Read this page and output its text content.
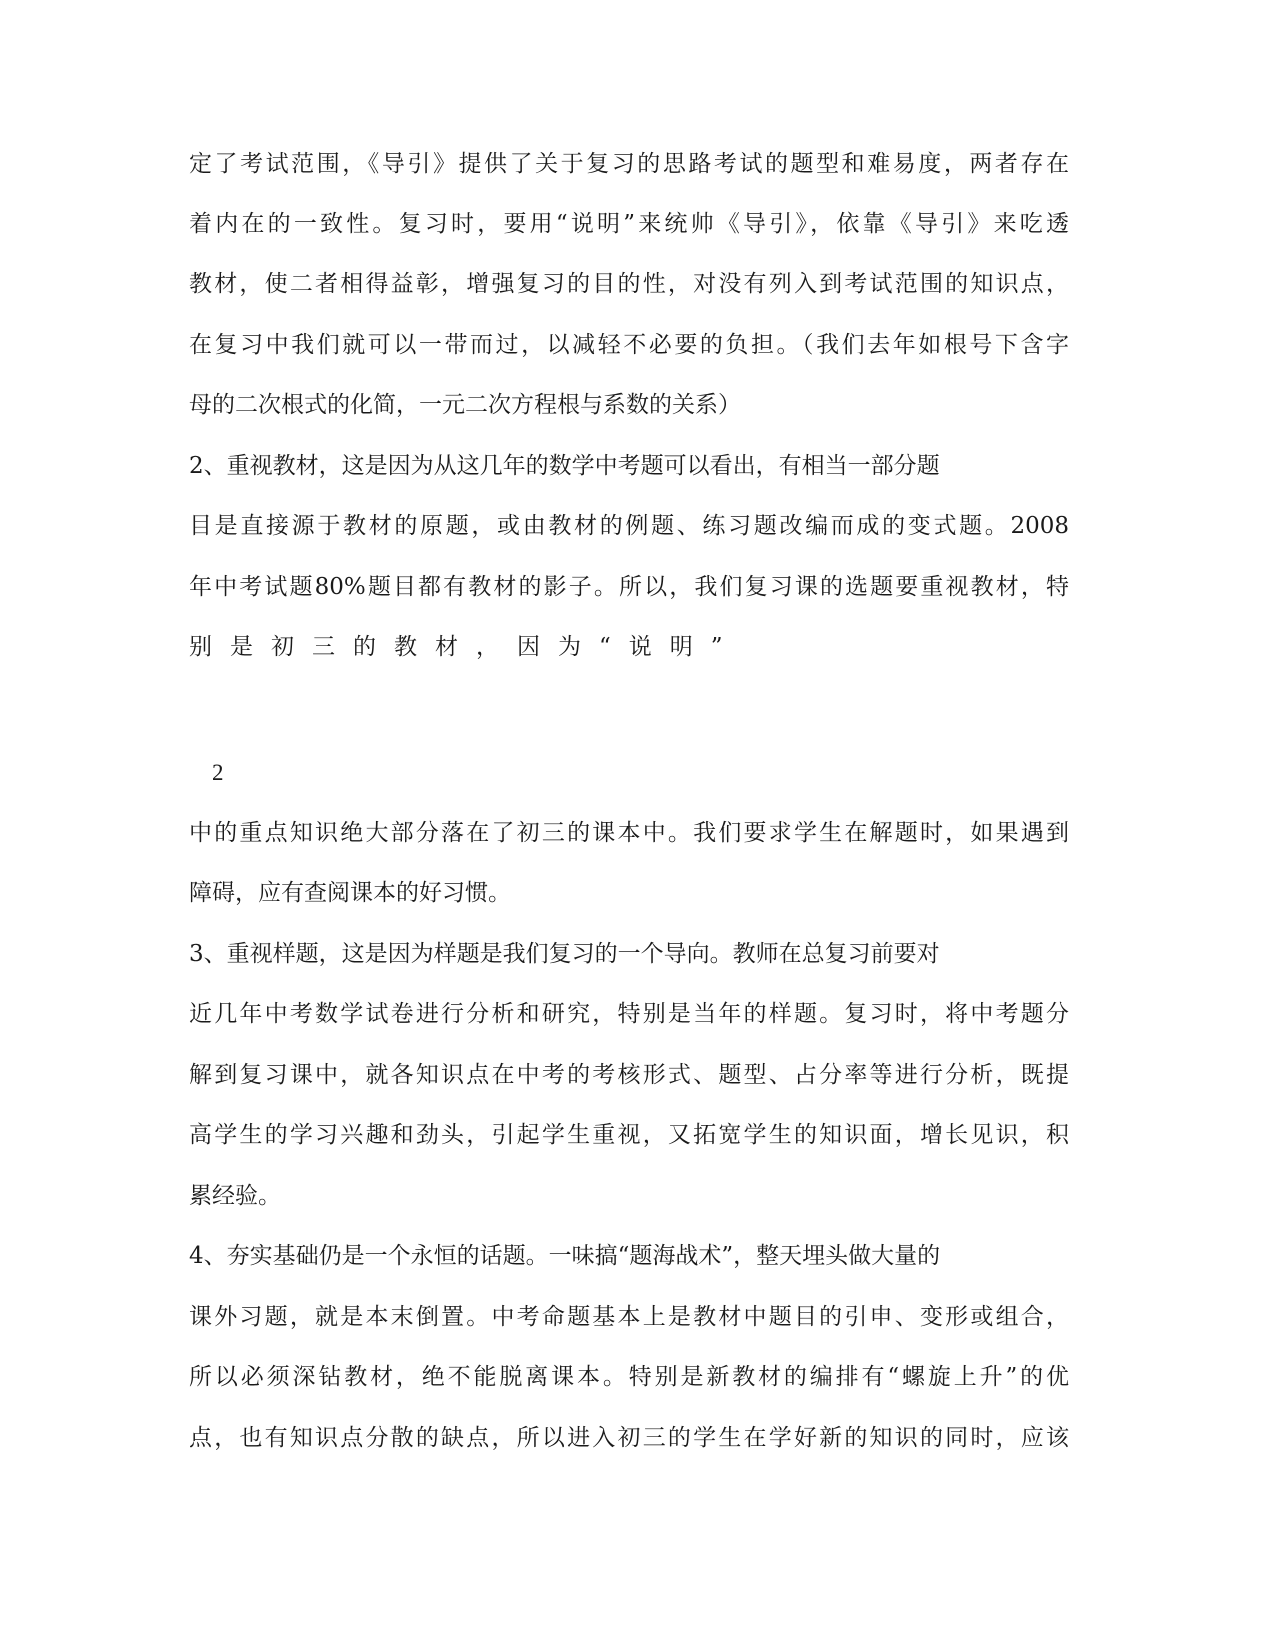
定了考试范围，《导引》提供了关于复习的思路考试的题型和难易度，两者存在
着内在的一致性。复习时，要用“说明”来统帅《导引》，依靠《导引》来吃透
教材，使二者相得益彰，增强复习的目的性，对没有列入到考试范围的知识点，
在复习中我们就可以一带而过，以减轻不必要的负担。（我们去年如根号下含字
母的二次根式的化简，一元二次方程根与系数的关系）
2、重视教材，这是因为从这几年的数学中考题可以看出，有相当一部分题
目是直接源于教材的原题，或由教材的例题、练习题改编而成的变式题。2008
年中考试题80%题目都有教材的影子。所以，我们复习课的选题要重视教材，特
别是初三的教材，因为“说明”
2
中的重点知识绝大部分落在了初三的课本中。我们要求学生在解题时，如果遇到
障碍，应有查阅课本的好习惯。
3、重视样题，这是因为样题是我们复习的一个导向。教师在总复习前要对
近几年中考数学试卷进行分析和研究，特别是当年的样题。复习时，将中考题分
解到复习课中，就各知识点在中考的考核形式、题型、占分率等进行分析，既提
高学生的学习兴趣和劲头，引起学生重视，又拓宽学生的知识面，增长见识，积
累经验。
4、夯实基础仍是一个永恒的话题。一味搞“题海战术”，整天埋头做大量的
课外习题，就是本末倒置。中考命题基本上是教材中题目的引申、变形或组合，
所以必须深钻教材，绝不能脱离课本。特别是新教材的编排有“螺旋上升”的优
点，也有知识点分散的缺点，所以进入初三的学生在学好新的知识的同时，应该
